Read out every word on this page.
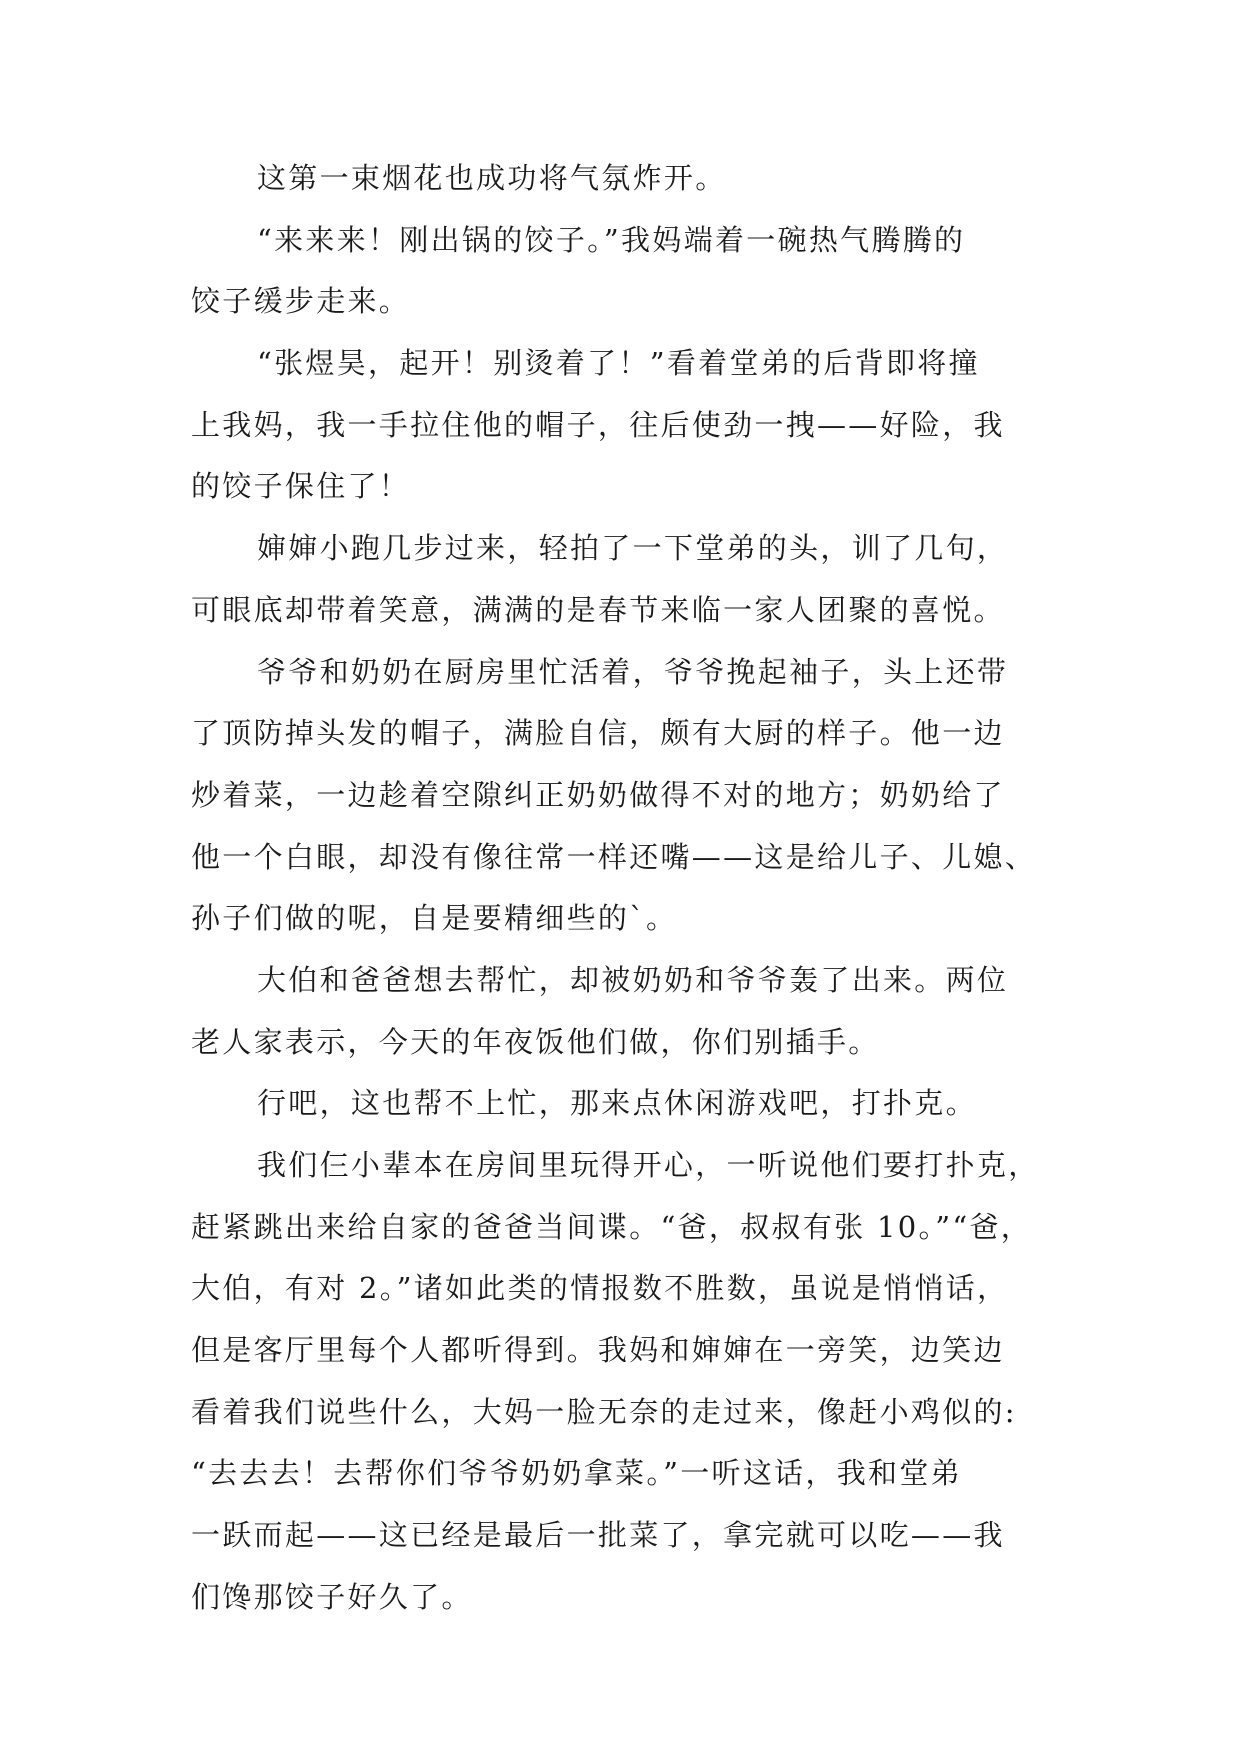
这第一束烟花也成功将气氛炸开。
“来来来！刚出锅的饺子。”我妈端着一碗热气腾腾的
饺子缓步走来。
“张煜昊，起开！别烫着了！”看着堂弟的后背即将撞
上我妈，我一手拉住他的帽子，往后使劲一拽——好险，我
的饺子保住了！
婶婶小跑几步过来，轻拍了一下堂弟的头，训了几句，
可眼底却带着笑意，满满的是春节来临一家人团聚的喜悦。
爷爷和奶奶在厨房里忙活着，爷爷挽起袖子，头上还带
了顶防掉头发的帽子，满脸自信，颇有大厨的样子。他一边
炒着菜，一边趁着空隙纠正奶奶做得不对的地方；奶奶给了
他一个白眼，却没有像往常一样还嘴——这是给儿子、儿媳、
孙子们做的呢，自是要精细些的`。
大伯和爸爸想去帮忙，却被奶奶和爷爷轰了出来。两位
老人家表示，今天的年夜饭他们做，你们别插手。
行吧，这也帮不上忙，那来点休闲游戏吧，打扑克。
我们仨小辈本在房间里玩得开心，一听说他们要打扑克，
赶紧跳出来给自家的爸爸当间谍。“爸，叔叔有张 10。”“爸，
大伯，有对 2。”诸如此类的情报数不胜数，虽说是悄悄话，
但是客厅里每个人都听得到。我妈和婶婶在一旁笑，边笑边
看着我们说些什么，大妈一脸无奈的走过来，像赶小鸡似的:
“去去去！去帮你们爷爷奶奶拿菜。”一听这话，我和堂弟
一跃而起——这已经是最后一批菜了，拿完就可以吃——我
们馋那饺子好久了。
